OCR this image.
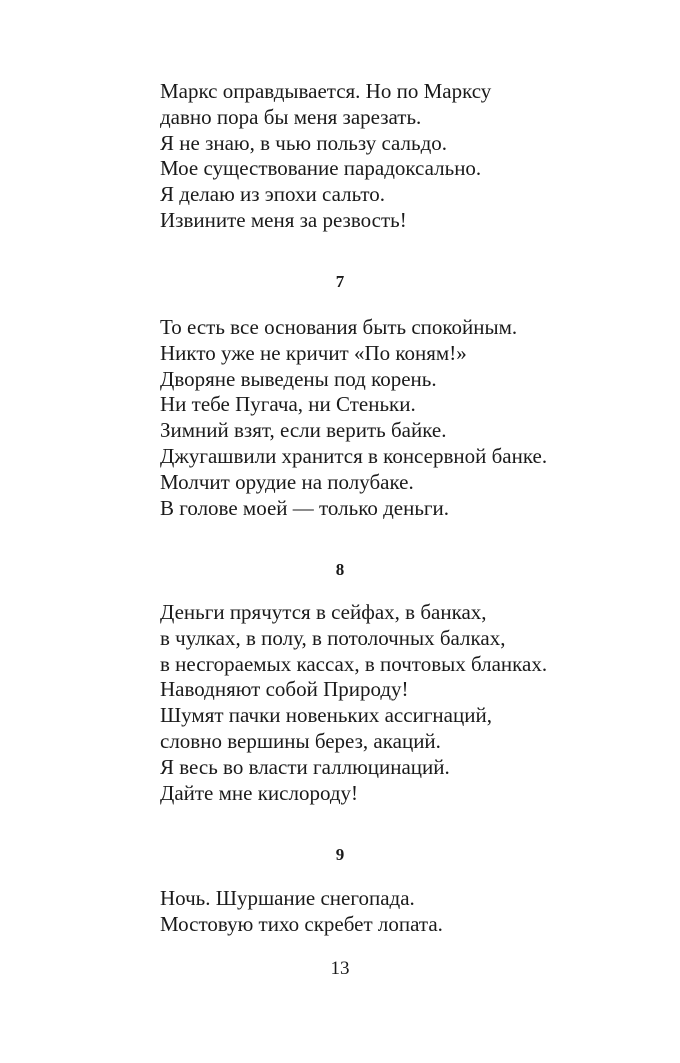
Маркс оправдывается. Но по Марксу
давно пора бы меня зарезать.
Я не знаю, в чью пользу сальдо.
Мое существование парадоксально.
Я делаю из эпохи сальто.
Извините меня за резвость!
7
То есть все основания быть спокойным.
Никто уже не кричит «По коням!»
Дворяне выведены под корень.
Ни тебе Пугача, ни Стеньки.
Зимний взят, если верить байке.
Джугашвили хранится в консервной банке.
Молчит орудие на полубаке.
В голове моей — только деньги.
8
Деньги прячутся в сейфах, в банках,
в чулках, в полу, в потолочных балках,
в несгораемых кассах, в почтовых бланках.
Наводняют собой Природу!
Шумят пачки новеньких ассигнаций,
словно вершины берез, акаций.
Я весь во власти галлюцинаций.
Дайте мне кислороду!
9
Ночь. Шуршание снегопада.
Мостовую тихо скребет лопата.
13
